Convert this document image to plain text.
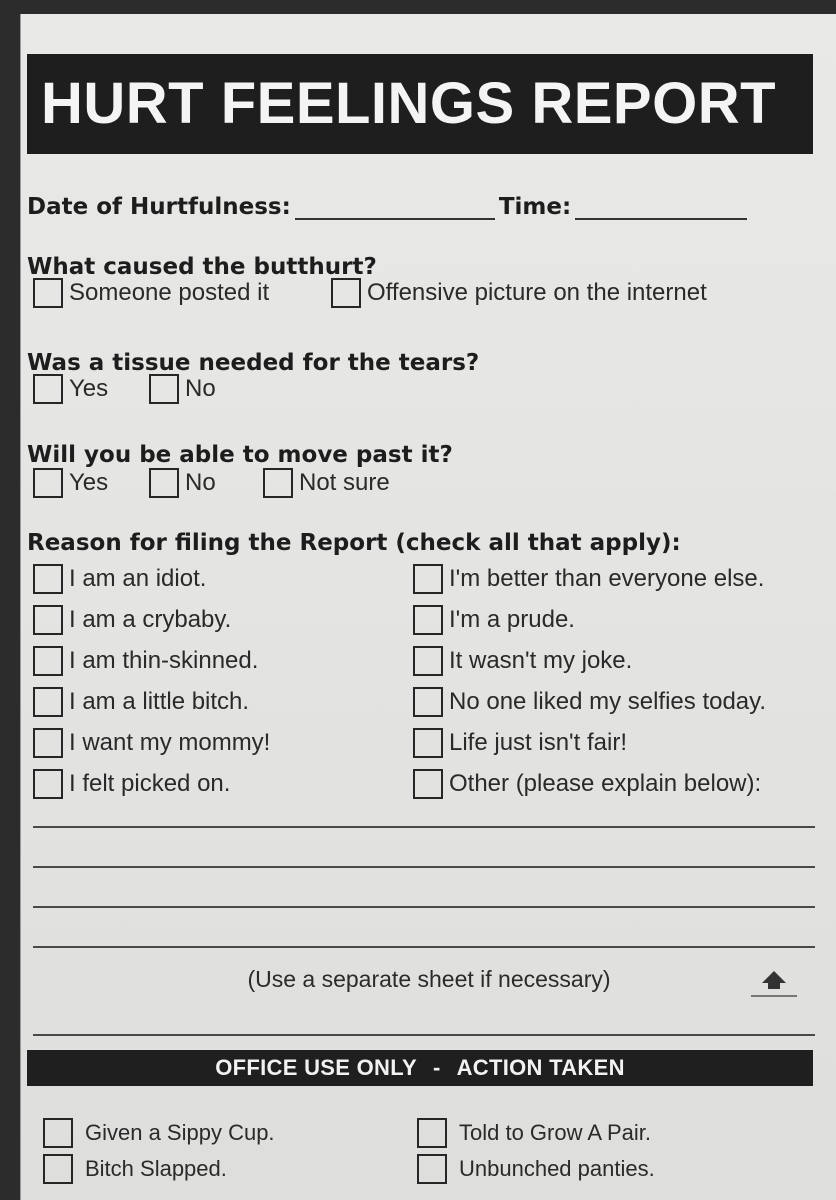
HURT FEELINGS REPORT
Date of Hurtfulness:	Time:
What caused the butthurt?
Someone posted it	Offensive picture on the internet
Was a tissue needed for the tears?
Yes	No
Will you be able to move past it?
Yes	No	Not sure
Reason for filing the Report (check all that apply):
I am an idiot.
I am a crybaby.
I am thin-skinned.
I am a little bitch.
I want my mommy!
I felt picked on.
I'm better than everyone else.
I'm a prude.
It wasn't my joke.
No one liked my selfies today.
Life just isn't fair!
Other (please explain below):
(Use a separate sheet if necessary)
OFFICE USE ONLY - ACTION TAKEN
Given a Sippy Cup.
Bitch Slapped.
Told to Grow A Pair.
Unbunched panties.
